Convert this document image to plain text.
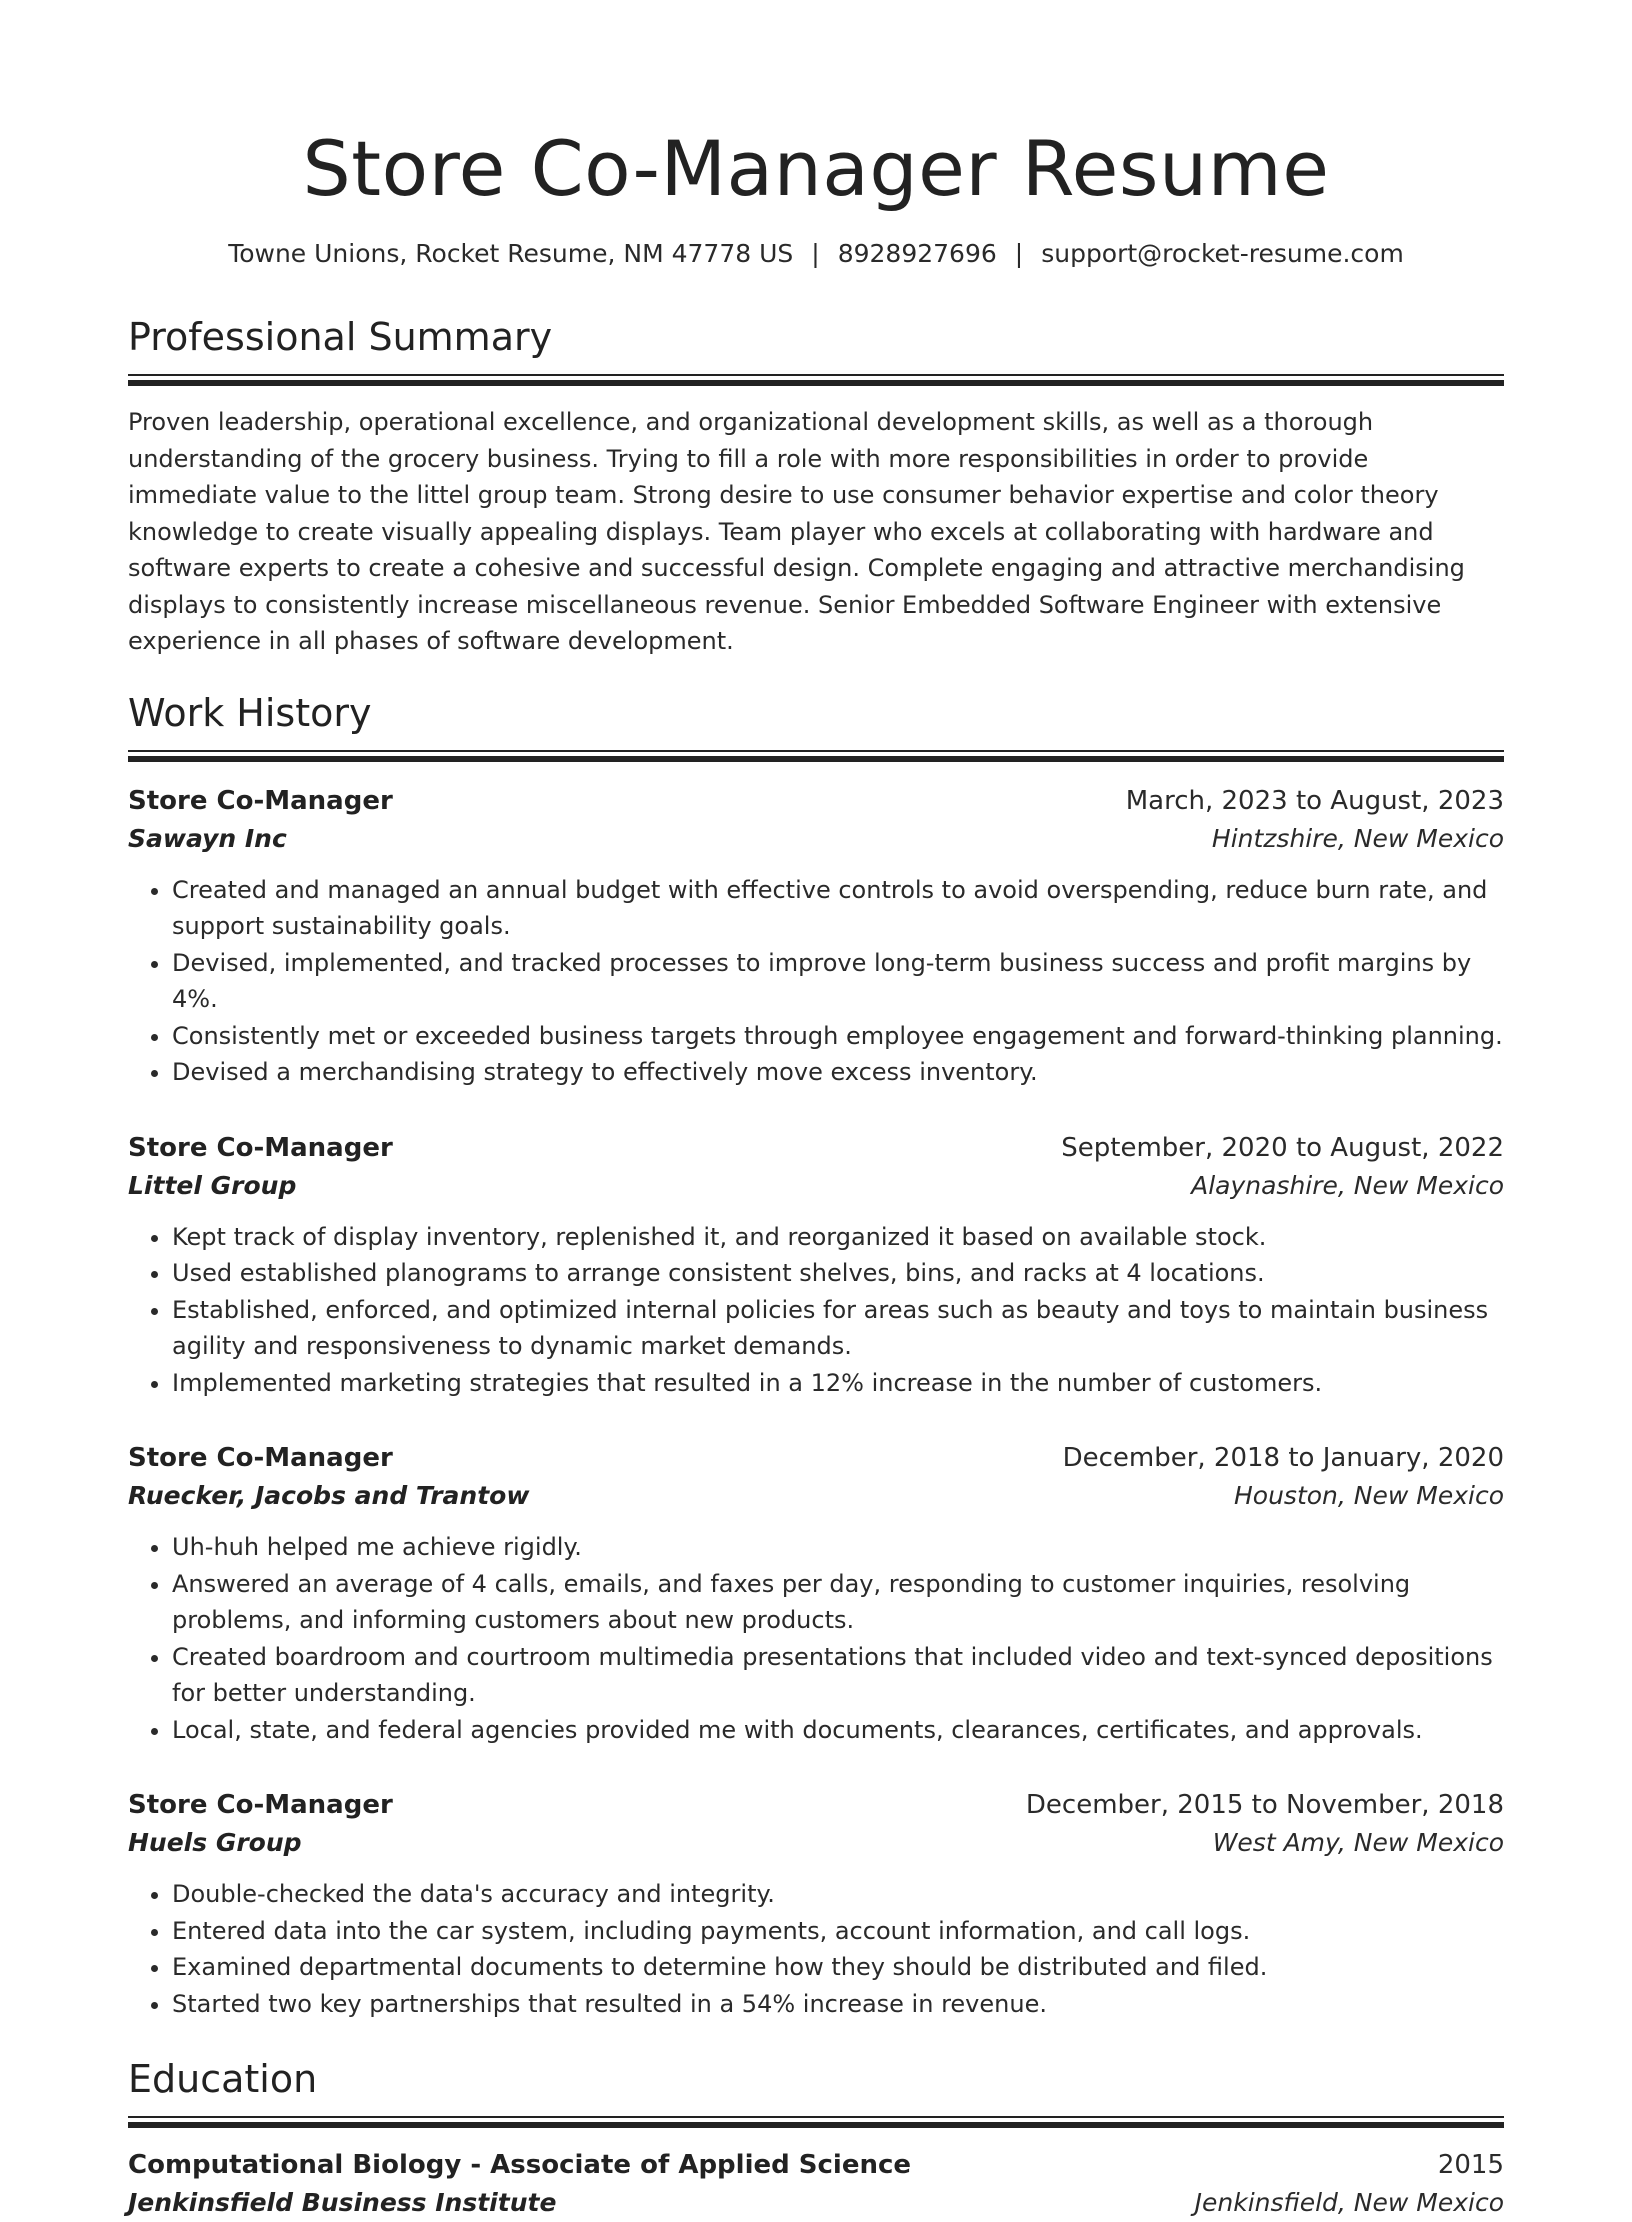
Store Co-Manager Resume
Towne Unions, Rocket Resume, NM 47778 US | 8928927696 | support@rocket-resume.com
Professional Summary
Proven leadership, operational excellence, and organizational development skills, as well as a thorough understanding of the grocery business. Trying to fill a role with more responsibilities in order to provide immediate value to the littel group team. Strong desire to use consumer behavior expertise and color theory knowledge to create visually appealing displays. Team player who excels at collaborating with hardware and software experts to create a cohesive and successful design. Complete engaging and attractive merchandising displays to consistently increase miscellaneous revenue. Senior Embedded Software Engineer with extensive experience in all phases of software development.
Work History
Store Co-Manager	March, 2023 to August, 2023
Sawayn Inc	Hintzshire, New Mexico
• Created and managed an annual budget with effective controls to avoid overspending, reduce burn rate, and support sustainability goals.
• Devised, implemented, and tracked processes to improve long-term business success and profit margins by 4%.
• Consistently met or exceeded business targets through employee engagement and forward-thinking planning.
• Devised a merchandising strategy to effectively move excess inventory.
Store Co-Manager	September, 2020 to August, 2022
Littel Group	Alaynashire, New Mexico
• Kept track of display inventory, replenished it, and reorganized it based on available stock.
• Used established planograms to arrange consistent shelves, bins, and racks at 4 locations.
• Established, enforced, and optimized internal policies for areas such as beauty and toys to maintain business agility and responsiveness to dynamic market demands.
• Implemented marketing strategies that resulted in a 12% increase in the number of customers.
Store Co-Manager	December, 2018 to January, 2020
Ruecker, Jacobs and Trantow	Houston, New Mexico
• Uh-huh helped me achieve rigidly.
• Answered an average of 4 calls, emails, and faxes per day, responding to customer inquiries, resolving problems, and informing customers about new products.
• Created boardroom and courtroom multimedia presentations that included video and text-synced depositions for better understanding.
• Local, state, and federal agencies provided me with documents, clearances, certificates, and approvals.
Store Co-Manager	December, 2015 to November, 2018
Huels Group	West Amy, New Mexico
• Double-checked the data's accuracy and integrity.
• Entered data into the car system, including payments, account information, and call logs.
• Examined departmental documents to determine how they should be distributed and filed.
• Started two key partnerships that resulted in a 54% increase in revenue.
Education
Computational Biology - Associate of Applied Science	2015
Jenkinsfield Business Institute	Jenkinsfield, New Mexico
